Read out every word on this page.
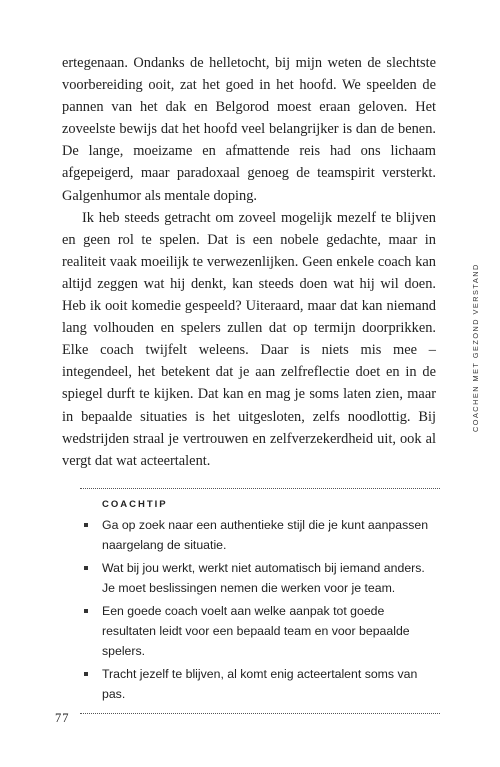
ertegenaan. Ondanks de helletocht, bij mijn weten de slechtste voorbereiding ooit, zat het goed in het hoofd. We speelden de pannen van het dak en Belgorod moest eraan geloven. Het zoveelste bewijs dat het hoofd veel belangrijker is dan de benen. De lange, moeizame en afmattende reis had ons lichaam afgepeigerd, maar paradoxaal genoeg de teamspirit versterkt. Galgenhumor als mentale doping.

Ik heb steeds getracht om zoveel mogelijk mezelf te blijven en geen rol te spelen. Dat is een nobele gedachte, maar in realiteit vaak moeilijk te verwezenlijken. Geen enkele coach kan altijd zeggen wat hij denkt, kan steeds doen wat hij wil doen. Heb ik ooit komedie gespeeld? Uiteraard, maar dat kan niemand lang volhouden en spelers zullen dat op termijn doorprikken. Elke coach twijfelt weleens. Daar is niets mis mee – integendeel, het betekent dat je aan zelfreflectie doet en in de spiegel durft te kijken. Dat kan en mag je soms laten zien, maar in bepaalde situaties is het uitgesloten, zelfs noodlottig. Bij wedstrijden straal je vertrouwen en zelfverzekerdheid uit, ook al vergt dat wat acteertalent.

COACHEN MET GEZOND VERSTAND
COACHTIP
Ga op zoek naar een authentieke stijl die je kunt aanpassen naargelang de situatie.
Wat bij jou werkt, werkt niet automatisch bij iemand anders. Je moet beslissingen nemen die werken voor je team.
Een goede coach voelt aan welke aanpak tot goede resultaten leidt voor een bepaald team en voor bepaalde spelers.
Tracht jezelf te blijven, al komt enig acteertalent soms van pas.
77
